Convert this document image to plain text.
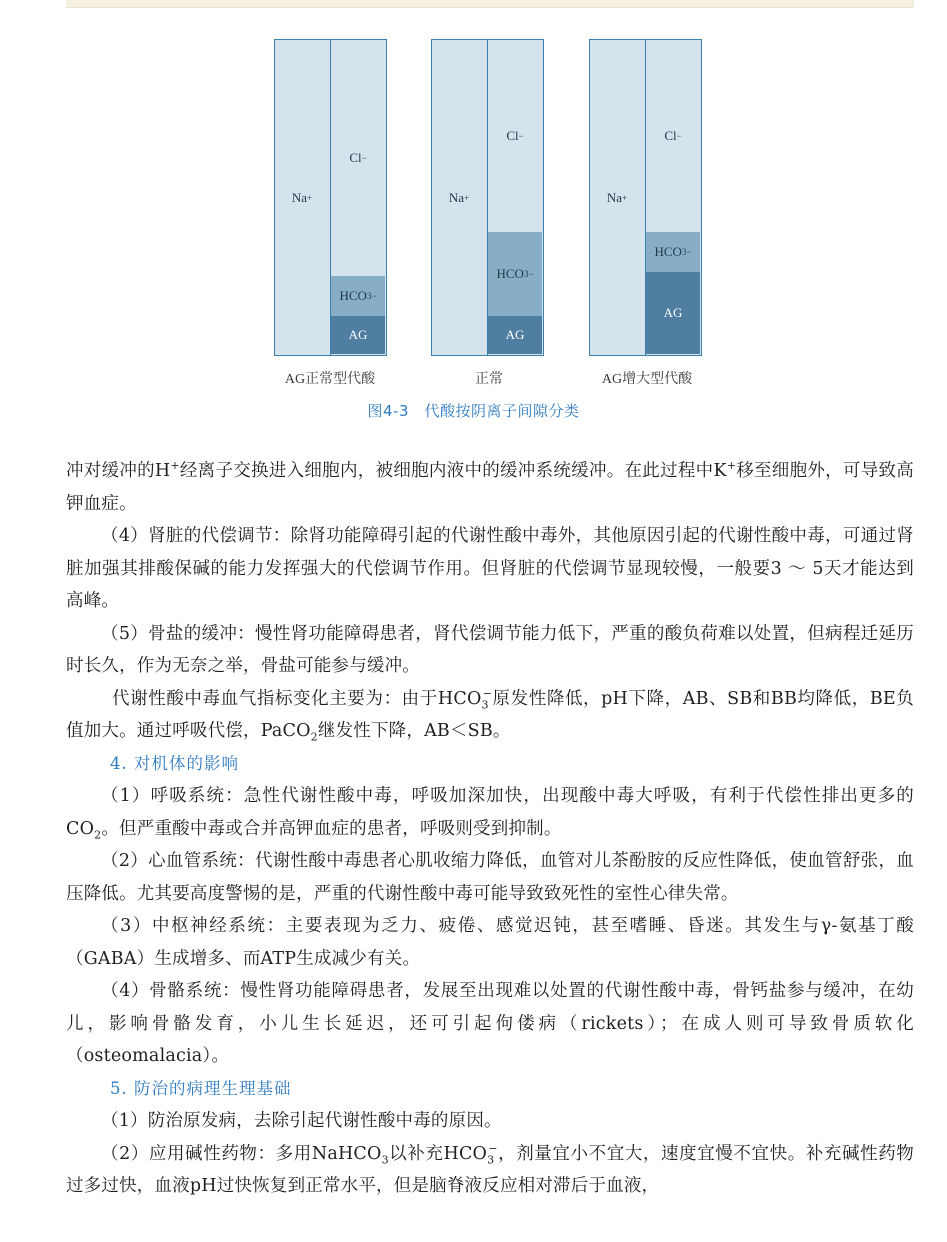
Na +
Cl −
HCO 3 −
AG
AG正常型代酸
Na +
Cl −
HCO 3 −
AG
正常
Na +
Cl −
HCO 3 −
AG
AG增大型代酸
图4-3　代酸按阴离子间隙分类

冲对缓冲的H+经离子交换进入细胞内，被细胞内液中的缓冲系统缓冲。在此过程中K+移至细胞外，可导致高钾血症。

（4）肾脏的代偿调节：除肾功能障碍引起的代谢性酸中毒外，其他原因引起的代谢性酸中毒，可通过肾脏加强其排酸保碱的能力发挥强大的代偿调节作用。但肾脏的代偿调节显现较慢，一般要3 ～ 5天才能达到高峰。

（5）骨盐的缓冲：慢性肾功能障碍患者，肾代偿调节能力低下，严重的酸负荷难以处置，但病程迁延历时长久，作为无奈之举，骨盐可能参与缓冲。

代谢性酸中毒血气指标变化主要为：由于$HCO_3^-$原发性降低，pH下降，AB、SB和BB均降低，BE负值加大。通过呼吸代偿，PaCO$_2$继发性下降，AB＜SB。

4. 对机体的影响

（1）呼吸系统：急性代谢性酸中毒，呼吸加深加快，出现酸中毒大呼吸，有利于代偿性排出更多的$CO_2$。但严重酸中毒或合并高钾血症的患者，呼吸则受到抑制。

（2）心血管系统：代谢性酸中毒患者心肌收缩力降低，血管对儿茶酚胺的反应性降低，使血管舒张，血压降低。尤其要高度警惕的是，严重的代谢性酸中毒可能导致致死性的室性心律失常。

（3）中枢神经系统：主要表现为乏力、疲倦、感觉迟钝，甚至嗜睡、昏迷。其发生与γ-氨基丁酸（GABA）生成增多、而ATP生成减少有关。

（4）骨骼系统：慢性肾功能障碍患者，发展至出现难以处置的代谢性酸中毒，骨钙盐参与缓冲，在幼儿，影响骨骼发育，小儿生长延迟，还可引起佝偻病（rickets）；在成人则可导致骨质软化（osteomalacia）。

5. 防治的病理生理基础

（1）防治原发病，去除引起代谢性酸中毒的原因。

（2）应用碱性药物：多用NaHCO$_3$以补充$HCO_3^-$，剂量宜小不宜大，速度宜慢不宜快。补充碱性药物过多过快，血液pH过快恢复到正常水平，但是脑脊液反应相对滞后于血液，
